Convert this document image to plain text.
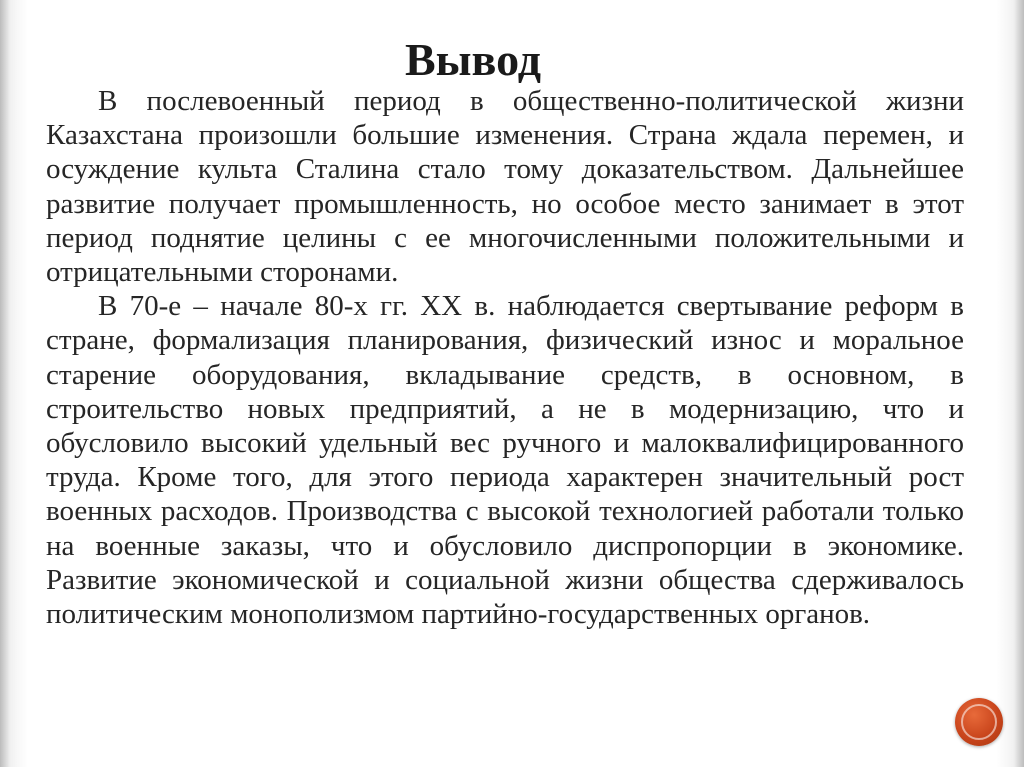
Вывод

В послевоенный период в общественно-политической жизни Казахстана произошли большие изменения. Страна ждала перемен, и осуждение культа Сталина стало тому доказательством. Дальнейшее развитие получает промышленность, но особое место занимает в этот период поднятие целины с ее многочисленными положительными и отрицательными сторонами.

В 70-е – начале 80-х гг. XX в. наблюдается свертывание реформ в стране, формализация планирования, физический износ и моральное старение оборудования, вкладывание средств, в основном, в строительство новых предприятий, а не в модернизацию, что и обусловило высокий удельный вес ручного и малоквалифицированного труда. Кроме того, для этого периода характерен значительный рост военных расходов. Производства с высокой технологией работали только на военные заказы, что и обусловило диспропорции в экономике. Развитие экономической и социальной жизни общества сдерживалось политическим монополизмом партийно-государственных органов.
